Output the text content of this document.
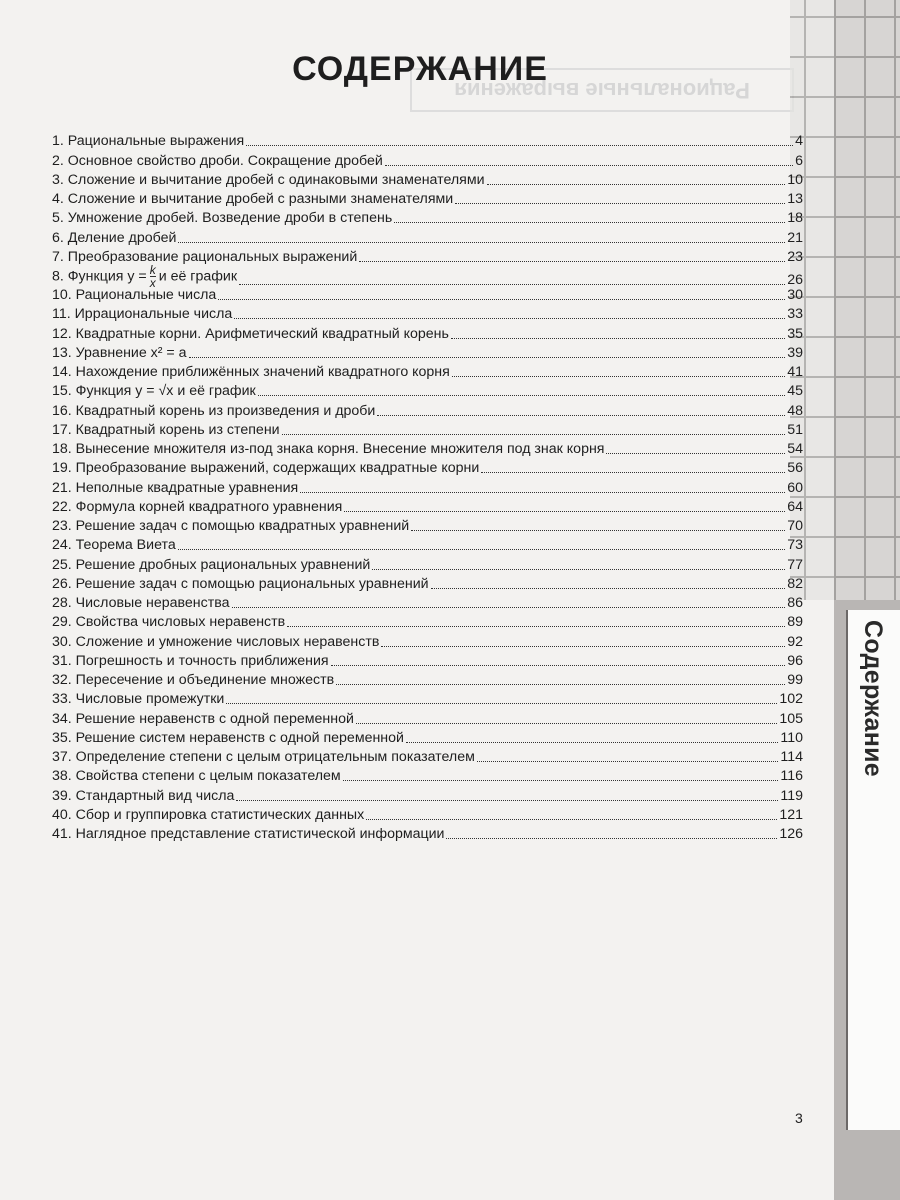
Рациональные выражения
Содержание
СОДЕРЖАНИЕ
1. Рациональные выражения	4
2. Основное свойство дроби. Сокращение дробей	6
3. Сложение и вычитание дробей с одинаковыми знаменателями	10
4. Сложение и вычитание дробей с разными знаменателями	13
5. Умножение дробей. Возведение дроби в степень	18
6. Деление дробей	21
7. Преобразование рациональных выражений	23
8. Функция $y = \frac{k}{x}$ и её график	26
10. Рациональные числа	30
11. Иррациональные числа	33
12. Квадратные корни. Арифметический квадратный корень	35
13. Уравнение x² = a	39
14. Нахождение приближённых значений квадратного корня	41
15. Функция y = √x и её график	45
16. Квадратный корень из произведения и дроби	48
17. Квадратный корень из степени	51
18. Вынесение множителя из-под знака корня. Внесение множителя под знак корня	54
19. Преобразование выражений, содержащих квадратные корни	56
21. Неполные квадратные уравнения	60
22. Формула корней квадратного уравнения	64
23. Решение задач с помощью квадратных уравнений	70
24. Теорема Виета	73
25. Решение дробных рациональных уравнений	77
26. Решение задач с помощью рациональных уравнений	82
28. Числовые неравенства	86
29. Свойства числовых неравенств	89
30. Сложение и умножение числовых неравенств	92
31. Погрешность и точность приближения	96
32. Пересечение и объединение множеств	99
33. Числовые промежутки	102
34. Решение неравенств с одной переменной	105
35. Решение систем неравенств с одной переменной	110
37. Определение степени с целым отрицательным показателем	114
38. Свойства степени с целым показателем	116
39. Стандартный вид числа	119
40. Сбор и группировка статистических данных	121
41. Наглядное представление статистической информации	126
3
